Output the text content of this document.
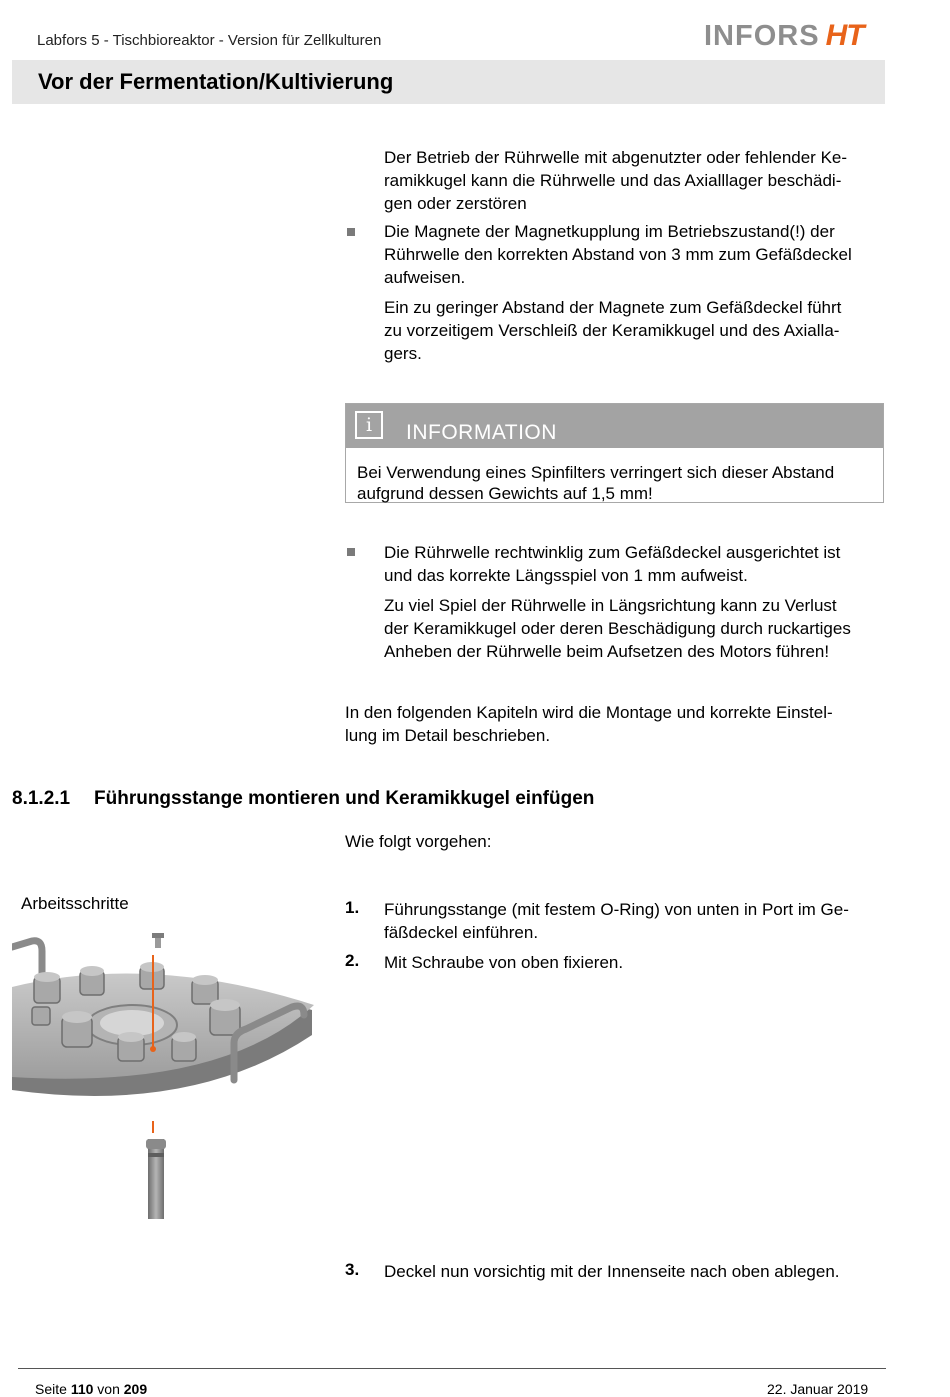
Labfors 5 - Tischbioreaktor - Version für Zellkulturen	INFORS HT
Vor der Fermentation/Kultivierung
Der Betrieb der Rührwelle mit abgenutzter oder fehlender Ke-
ramikkugel kann die Rührwelle und das Axialllager beschädi-
gen oder zerstören
Die Magnete der Magnetkupplung im Betriebszustand(!) der
Rührwelle den korrekten Abstand von 3 mm zum Gefäßdeckel
aufweisen.
Ein zu geringer Abstand der Magnete zum Gefäßdeckel führt
zu vorzeitigem Verschleiß der Keramikkugel und des Axialla-
gers.
i	INFORMATION
Bei Verwendung eines Spinfilters verringert sich dieser Abstand
aufgrund dessen Gewichts auf 1,5 mm!
Die Rührwelle rechtwinklig zum Gefäßdeckel ausgerichtet ist
und das korrekte Längsspiel von 1 mm aufweist.
Zu viel Spiel der Rührwelle in Längsrichtung kann zu Verlust
der Keramikkugel oder deren Beschädigung durch ruckartiges
Anheben der Rührwelle beim Aufsetzen des Motors führen!
In den folgenden Kapiteln wird die Montage und korrekte Einstel-
lung im Detail beschrieben.
8.1.2.1 Führungsstange montieren und Keramikkugel einfügen
Wie folgt vorgehen:
Arbeitsschritte	1. Führungsstange (mit festem O-Ring) von unten in Port im Ge-
fäßdeckel einführen.
2. Mit Schraube von oben fixieren.
3. Deckel nun vorsichtig mit der Innenseite nach oben ablegen.
Seite 110 von 209	22. Januar 2019
